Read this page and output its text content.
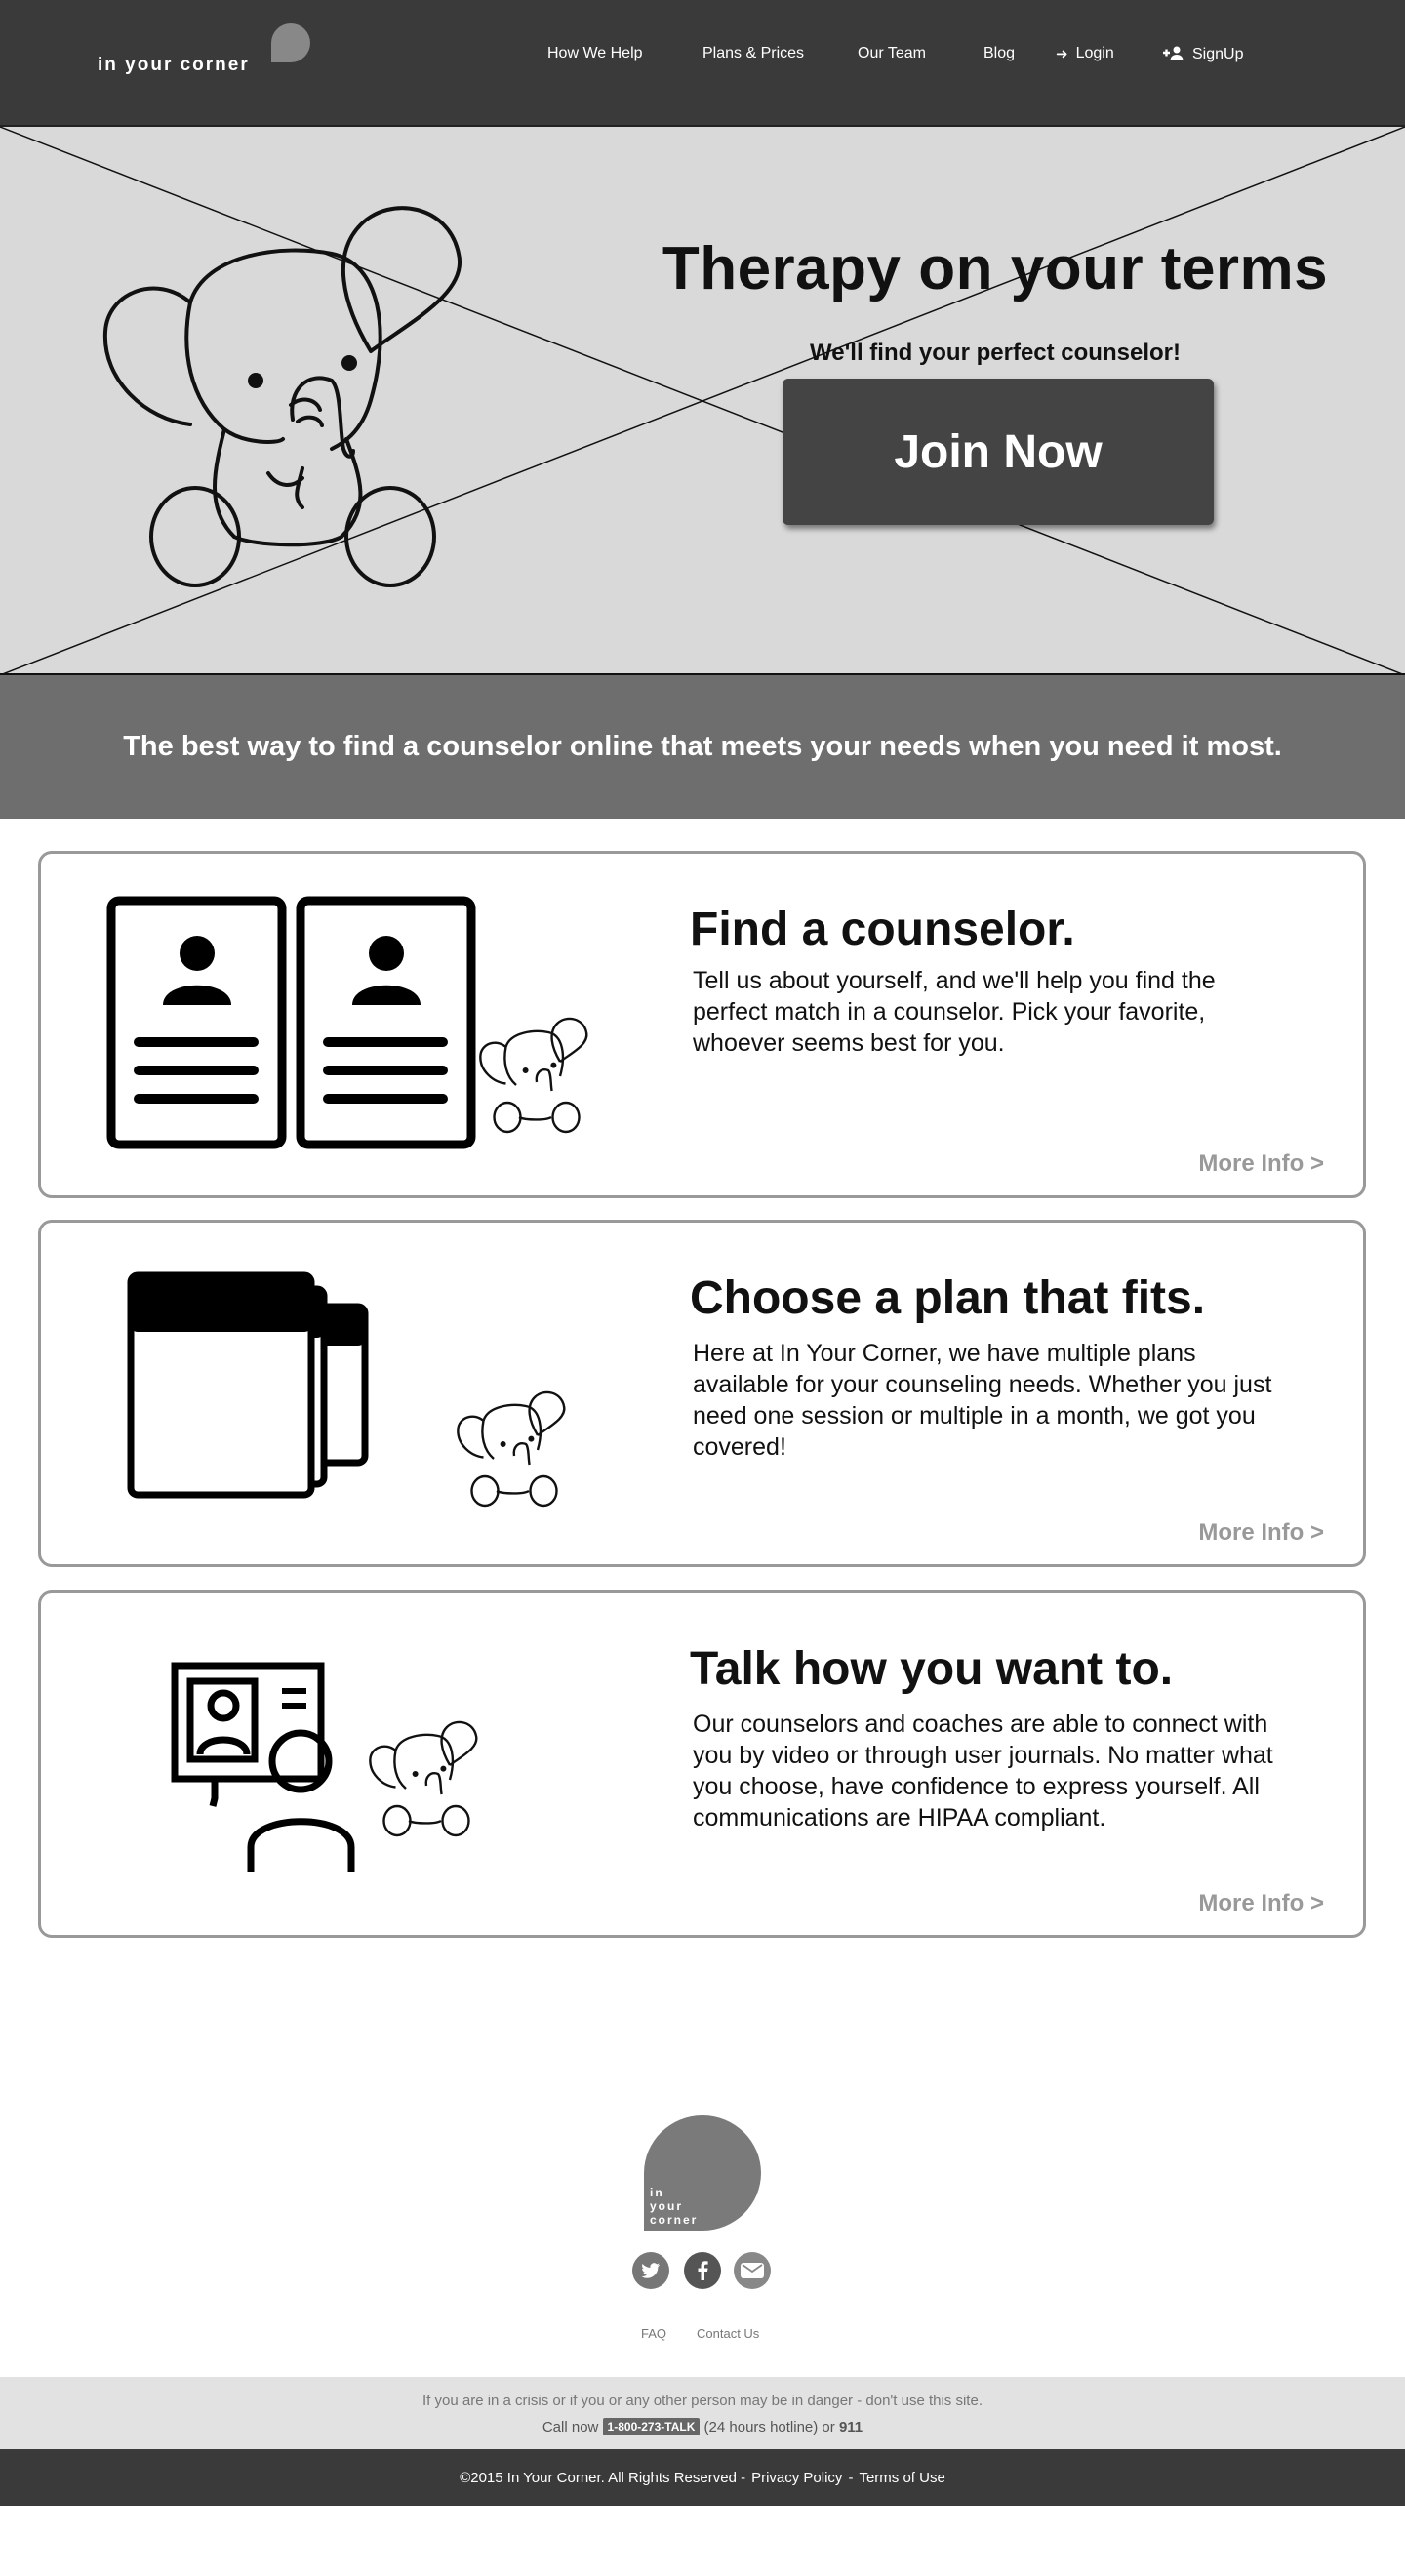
in your corner
How We Help	Plans & Prices	Our Team	Blog	➜ Login	SignUp
Therapy on your terms
We'll find your perfect counselor!
Join Now
The best way to find a counselor online that meets your needs when you need it most.
Find a counselor.
Tell us about yourself, and we'll help you find the perfect match in a counselor. Pick your favorite, whoever seems best for you.
More Info >
Choose a plan that fits.
Here at In Your Corner, we have multiple plans available for your counseling needs. Whether you just need one session or multiple in a month, we got you covered!
More Info >
Talk how you want to.
Our counselors and coaches are able to connect with you by video or through user journals. No matter what you choose, have confidence to express yourself. All communications are HIPAA compliant.
More Info >
in
your
corner
FAQ Contact Us
If you are in a crisis or if you or any other person may be in danger - don't use this site.
Call now 1-800-273-TALK (24 hours hotline) or 911
©2015 In Your Corner. All Rights Reserved - Privacy Policy - Terms of Use
